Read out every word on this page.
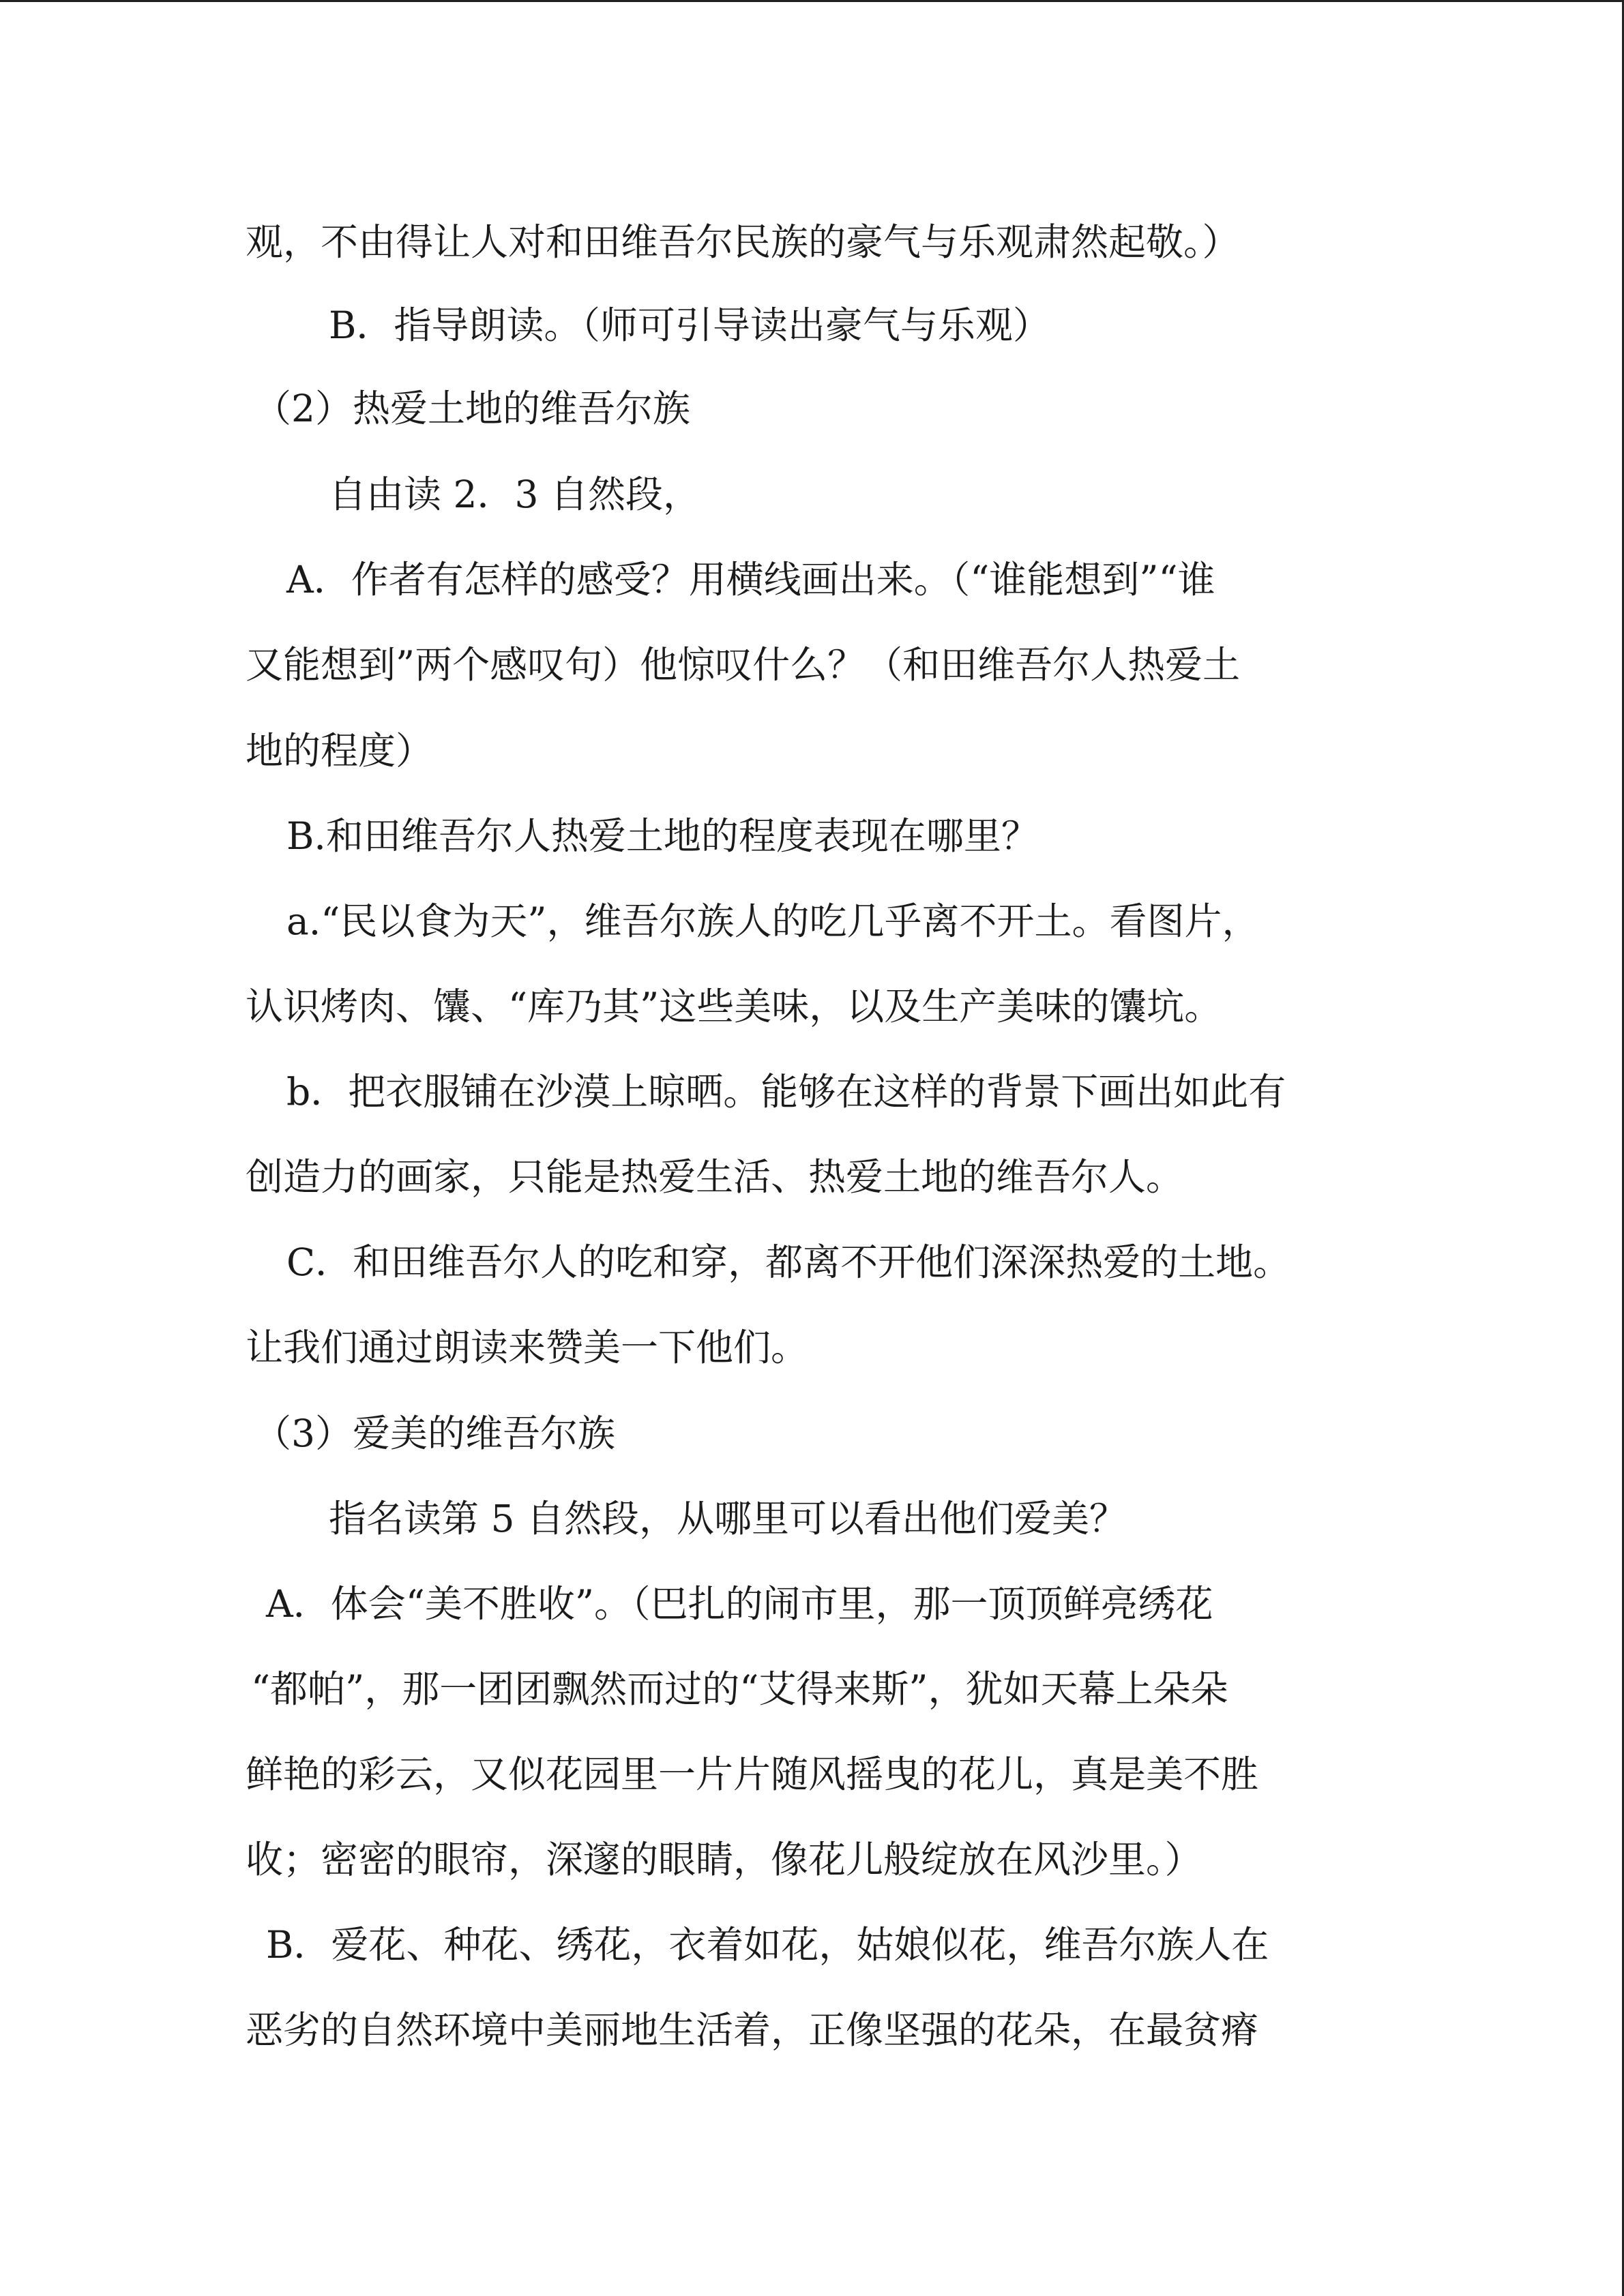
观，不由得让人对和田维吾尔民族的豪气与乐观肃然起敬。）
B．指导朗读。（师可引导读出豪气与乐观）
（2）热爱土地的维吾尔族
自由读 2．3 自然段，
A．作者有怎样的感受？用横线画出来。（“谁能想到”“谁
又能想到”两个感叹句）他惊叹什么？（和田维吾尔人热爱土
地的程度）
B.和田维吾尔人热爱土地的程度表现在哪里？
a.“民以食为天”，维吾尔族人的吃几乎离不开土。看图片，
认识烤肉、馕、“库乃其”这些美味，以及生产美味的馕坑。
b．把衣服铺在沙漠上晾晒。能够在这样的背景下画出如此有
创造力的画家，只能是热爱生活、热爱土地的维吾尔人。
C．和田维吾尔人的吃和穿，都离不开他们深深热爱的土地。
让我们通过朗读来赞美一下他们。
（3）爱美的维吾尔族
指名读第 5 自然段，从哪里可以看出他们爱美？
A．体会“美不胜收”。（巴扎的闹市里，那一顶顶鲜亮绣花
“都帕”，那一团团飘然而过的“艾得来斯”，犹如天幕上朵朵
鲜艳的彩云，又似花园里一片片随风摇曳的花儿，真是美不胜
收；密密的眼帘，深邃的眼睛，像花儿般绽放在风沙里。）
B．爱花、种花、绣花，衣着如花，姑娘似花，维吾尔族人在
恶劣的自然环境中美丽地生活着，正像坚强的花朵，在最贫瘠
